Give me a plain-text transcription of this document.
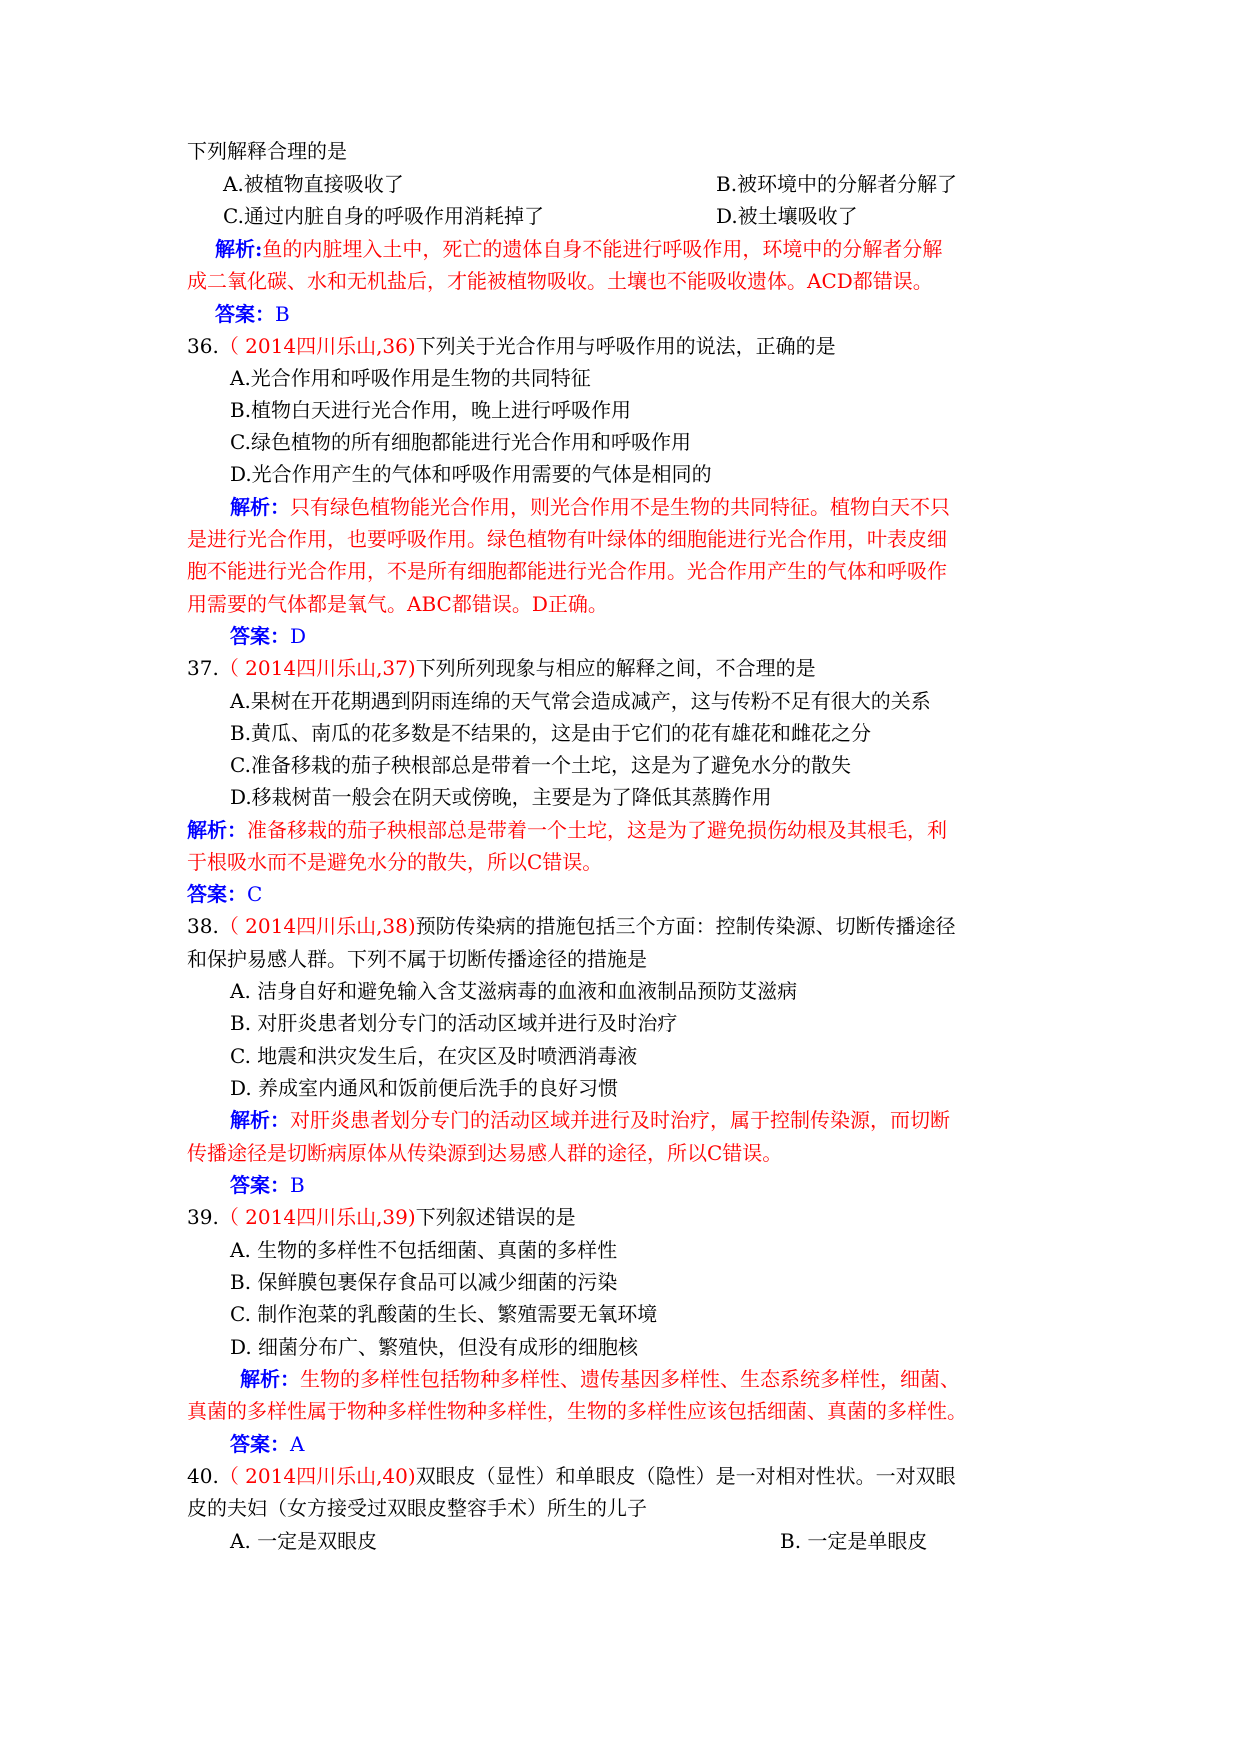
下列解释合理的是
A.被植物直接吸收了	B.被环境中的分解者分解了
C.通过内脏自身的呼吸作用消耗掉了	D.被土壤吸收了
解析:鱼的内脏埋入土中，死亡的遗体自身不能进行呼吸作用，环境中的分解者分解
成二氧化碳、水和无机盐后，才能被植物吸收。土壤也不能吸收遗体。ACD都错误。
答案：B
36.（ 2014四川乐山,36)下列关于光合作用与呼吸作用的说法，正确的是
A.光合作用和呼吸作用是生物的共同特征
B.植物白天进行光合作用，晚上进行呼吸作用
C.绿色植物的所有细胞都能进行光合作用和呼吸作用
D.光合作用产生的气体和呼吸作用需要的气体是相同的
解析：只有绿色植物能光合作用，则光合作用不是生物的共同特征。植物白天不只
是进行光合作用，也要呼吸作用。绿色植物有叶绿体的细胞能进行光合作用，叶表皮细
胞不能进行光合作用，不是所有细胞都能进行光合作用。光合作用产生的气体和呼吸作
用需要的气体都是氧气。ABC都错误。D正确。
答案：D
37.（ 2014四川乐山,37)下列所列现象与相应的解释之间，不合理的是
A.果树在开花期遇到阴雨连绵的天气常会造成减产，这与传粉不足有很大的关系
B.黄瓜、南瓜的花多数是不结果的，这是由于它们的花有雄花和雌花之分
C.准备移栽的茄子秧根部总是带着一个土坨，这是为了避免水分的散失
D.移栽树苗一般会在阴天或傍晚，主要是为了降低其蒸腾作用
解析：准备移栽的茄子秧根部总是带着一个土坨，这是为了避免损伤幼根及其根毛，利
于根吸水而不是避免水分的散失，所以C错误。
答案：C
38.（ 2014四川乐山,38)预防传染病的措施包括三个方面：控制传染源、切断传播途径
和保护易感人群。下列不属于切断传播途径的措施是
A. 洁身自好和避免输入含艾滋病毒的血液和血液制品预防艾滋病
B. 对肝炎患者划分专门的活动区域并进行及时治疗
C. 地震和洪灾发生后，在灾区及时喷洒消毒液
D. 养成室内通风和饭前便后洗手的良好习惯
解析：对肝炎患者划分专门的活动区域并进行及时治疗，属于控制传染源，而切断
传播途径是切断病原体从传染源到达易感人群的途径，所以C错误。
答案：B
39.（ 2014四川乐山,39)下列叙述错误的是
A. 生物的多样性不包括细菌、真菌的多样性
B. 保鲜膜包裹保存食品可以减少细菌的污染
C. 制作泡菜的乳酸菌的生长、繁殖需要无氧环境
D. 细菌分布广、繁殖快，但没有成形的细胞核
解析：生物的多样性包括物种多样性、遗传基因多样性、生态系统多样性，细菌、
真菌的多样性属于物种多样性物种多样性，生物的多样性应该包括细菌、真菌的多样性。
答案：A
40.（ 2014四川乐山,40)双眼皮（显性）和单眼皮（隐性）是一对相对性状。一对双眼
皮的夫妇（女方接受过双眼皮整容手术）所生的儿子
A. 一定是双眼皮	B. 一定是单眼皮
